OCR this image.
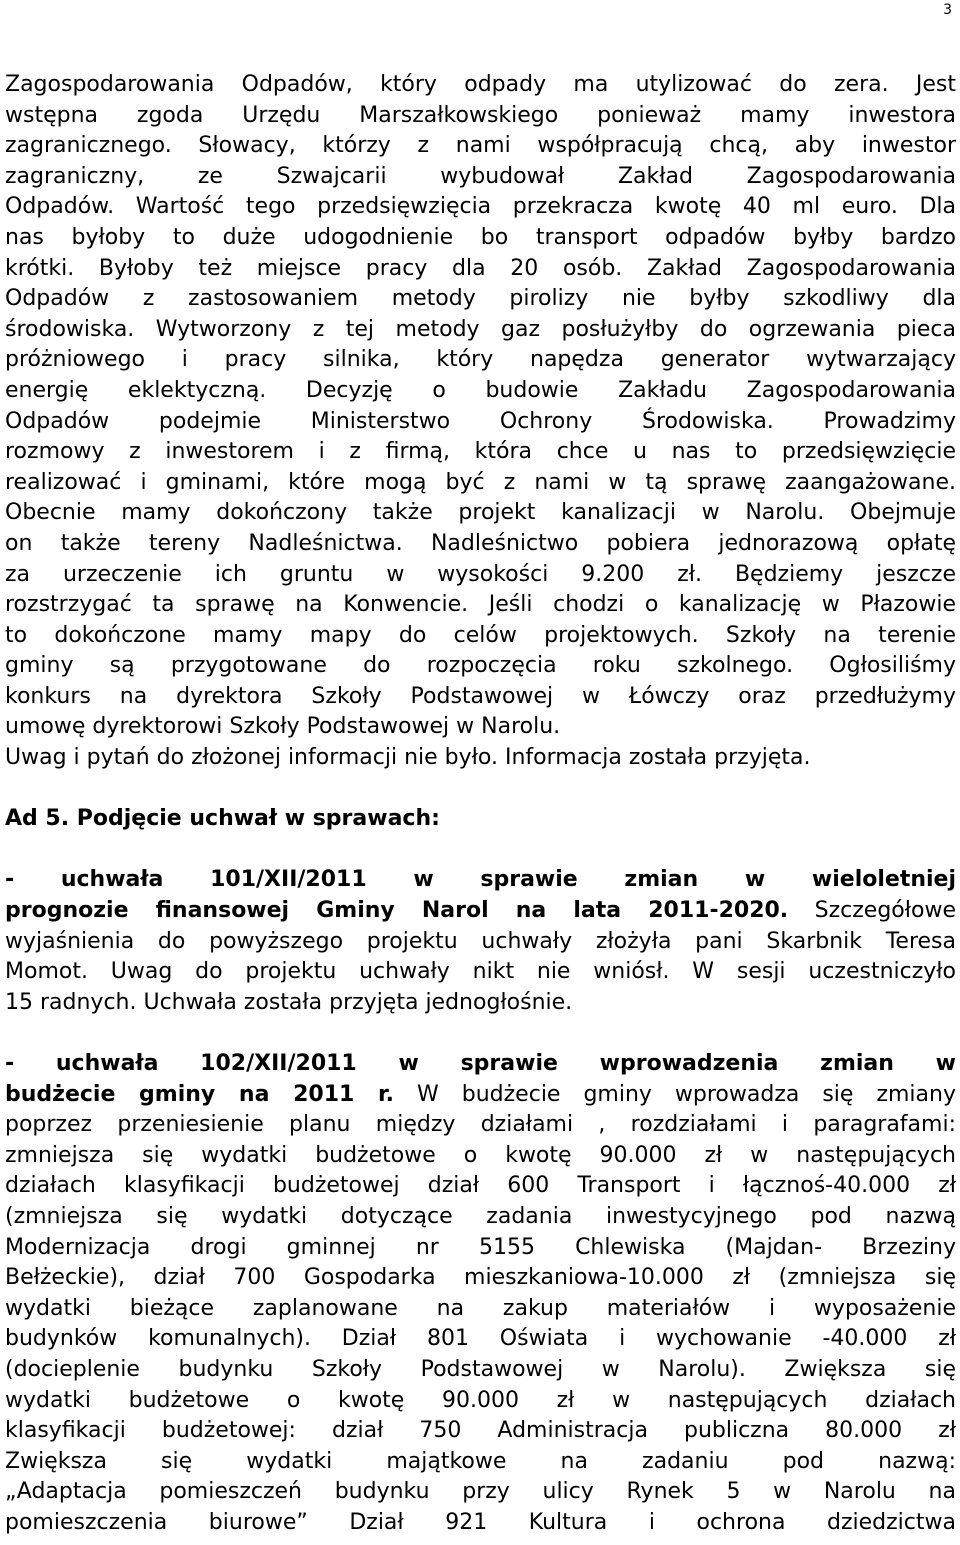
3
Zagospodarowania Odpadów, który odpady ma utylizować do zera. Jest
wstępna zgoda Urzędu Marszałkowskiego ponieważ mamy inwestora
zagranicznego. Słowacy, którzy z nami współpracują chcą, aby inwestor
zagraniczny, ze Szwajcarii wybudował Zakład Zagospodarowania
Odpadów. Wartość tego przedsięwzięcia przekracza kwotę 40 ml euro. Dla
nas byłoby to duże udogodnienie bo transport odpadów byłby bardzo
krótki. Byłoby też miejsce pracy dla 20 osób. Zakład Zagospodarowania
Odpadów z zastosowaniem metody pirolizy nie byłby szkodliwy dla
środowiska. Wytworzony z tej metody gaz posłużyłby do ogrzewania pieca
próżniowego i pracy silnika, który napędza generator wytwarzający
energię eklektyczną. Decyzję o budowie Zakładu Zagospodarowania
Odpadów podejmie Ministerstwo Ochrony Środowiska. Prowadzimy
rozmowy z inwestorem i z firmą, która chce u nas to przedsięwzięcie
realizować i gminami, które mogą być z nami w tą sprawę zaangażowane.
Obecnie mamy dokończony także projekt kanalizacji w Narolu. Obejmuje
on także tereny Nadleśnictwa. Nadleśnictwo pobiera jednorazową opłatę
za urzeczenie ich gruntu w wysokości 9.200 zł. Będziemy jeszcze
rozstrzygać ta sprawę na Konwencie. Jeśli chodzi o kanalizację w Płazowie
to dokończone mamy mapy do celów projektowych. Szkoły na terenie
gminy są przygotowane do rozpoczęcia roku szkolnego. Ogłosiliśmy
konkurs na dyrektora Szkoły Podstawowej w Łówczy oraz przedłużymy
umowę dyrektorowi Szkoły Podstawowej w Narolu.
Uwag i pytań do złożonej informacji nie było. Informacja została przyjęta.
Ad 5. Podjęcie uchwał w sprawach:
- uchwała 101/XII/2011 w sprawie zmian w wieloletniej
prognozie finansowej Gminy Narol na lata 2011-2020. Szczegółowe
wyjaśnienia do powyższego projektu uchwały złożyła pani Skarbnik Teresa
Momot. Uwag do projektu uchwały nikt nie wniósł. W sesji uczestniczyło
15 radnych. Uchwała została przyjęta jednogłośnie.
- uchwała 102/XII/2011 w sprawie wprowadzenia zmian w
budżecie gminy na 2011 r. W budżecie gminy wprowadza się zmiany
poprzez przeniesienie planu między działami , rozdziałami i paragrafami:
zmniejsza się wydatki budżetowe o kwotę 90.000 zł w następujących
działach klasyfikacji budżetowej dział 600 Transport i łącznoś-40.000 zł
(zmniejsza się wydatki dotyczące zadania inwestycyjnego pod nazwą
Modernizacja drogi gminnej nr 5155 Chlewiska (Majdan- Brzeziny
Bełżeckie), dział 700 Gospodarka mieszkaniowa-10.000 zł (zmniejsza się
wydatki bieżące zaplanowane na zakup materiałów i wyposażenie
budynków komunalnych). Dział 801 Oświata i wychowanie -40.000 zł
(docieplenie budynku Szkoły Podstawowej w Narolu). Zwiększa się
wydatki budżetowe o kwotę 90.000 zł w następujących działach
klasyfikacji budżetowej: dział 750 Administracja publiczna 80.000 zł
Zwiększa się wydatki majątkowe na zadaniu pod nazwą:
„Adaptacja pomieszczeń budynku przy ulicy Rynek 5 w Narolu na
pomieszczenia biurowe” Dział 921 Kultura i ochrona dziedzictwa
